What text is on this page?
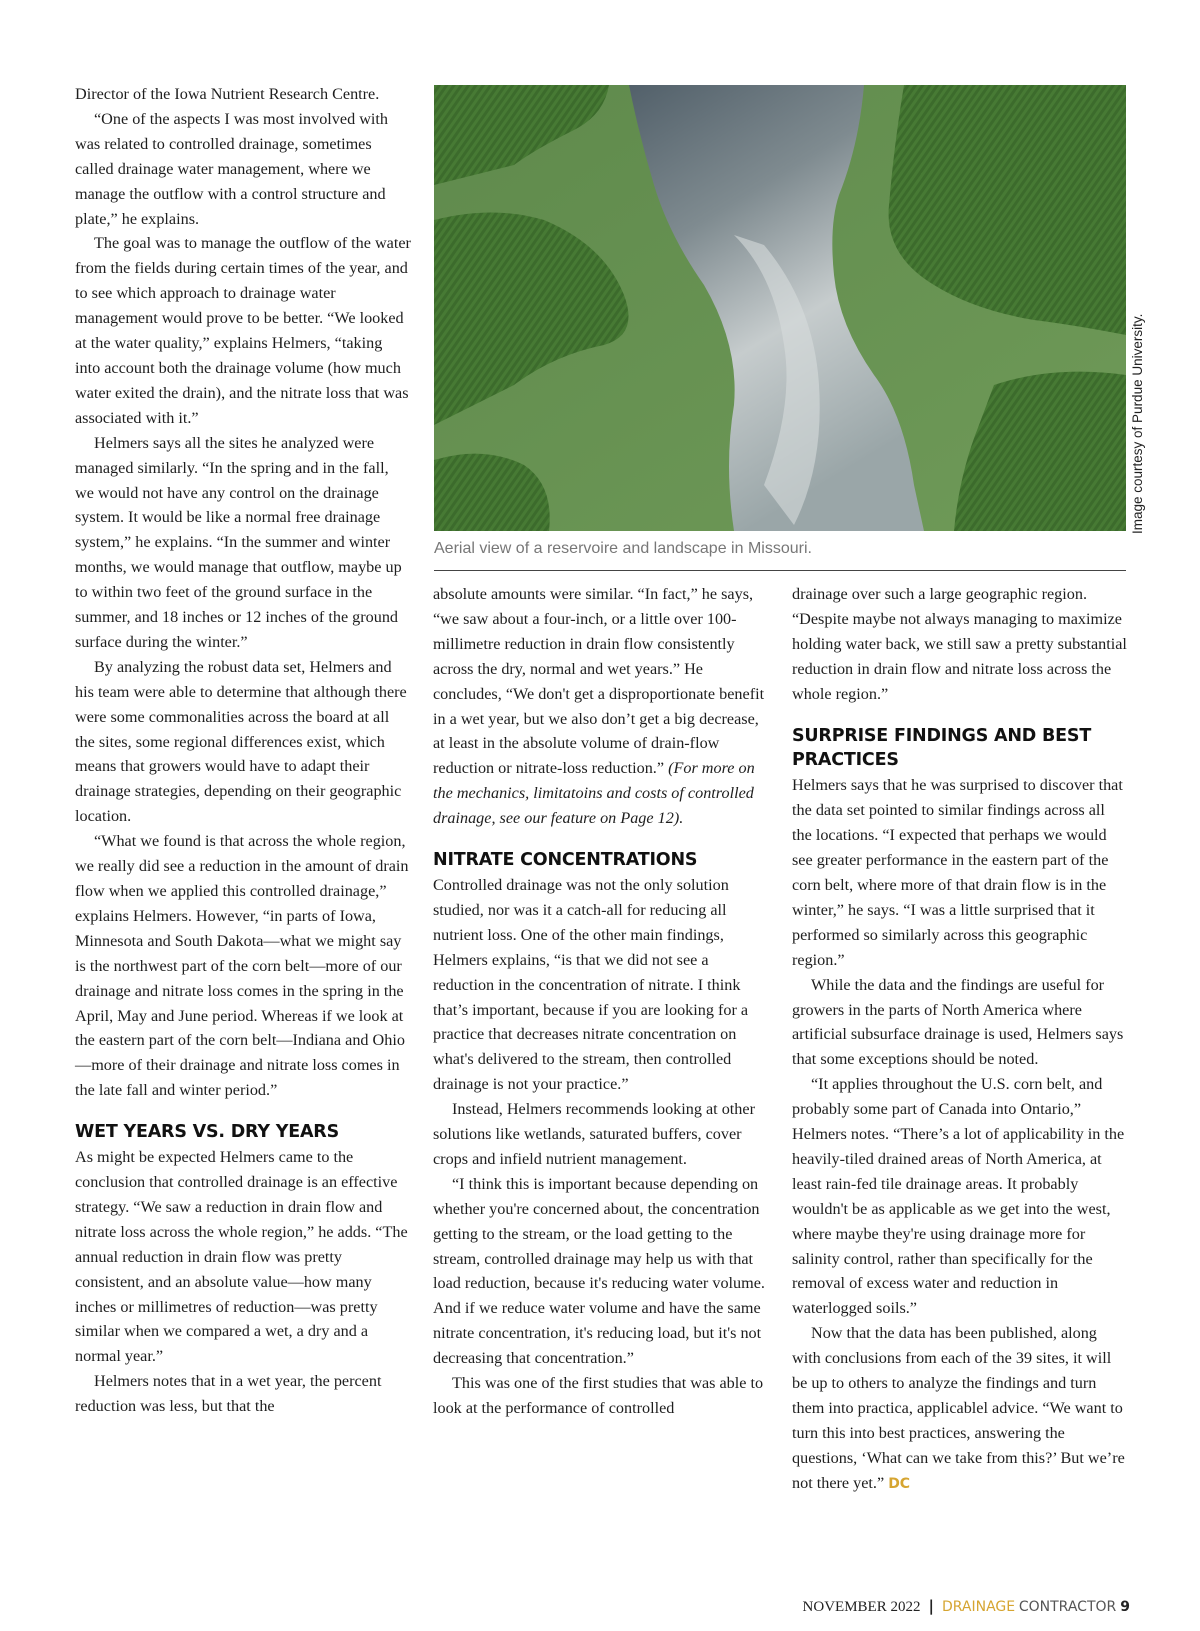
Director of the Iowa Nutrient Research Centre.

“One of the aspects I was most involved with was related to controlled drainage, sometimes called drainage water management, where we manage the outflow with a control structure and plate,” he explains.

The goal was to manage the outflow of the water from the fields during certain times of the year, and to see which approach to drainage water management would prove to be better. “We looked at the water quality,” explains Helmers, “taking into account both the drainage volume (how much water exited the drain), and the nitrate loss that was associated with it.”

Helmers says all the sites he analyzed were managed similarly. “In the spring and in the fall, we would not have any control on the drainage system. It would be like a normal free drainage system,” he explains. “In the summer and winter months, we would manage that outflow, maybe up to within two feet of the ground surface in the summer, and 18 inches or 12 inches of the ground surface during the winter.”

By analyzing the robust data set, Helmers and his team were able to determine that although there were some commonalities across the board at all the sites, some regional differences exist, which means that growers would have to adapt their drainage strategies, depending on their geographic location.

“What we found is that across the whole region, we really did see a reduction in the amount of drain flow when we applied this controlled drainage,” explains Helmers. However, “in parts of Iowa, Minnesota and South Dakota—what we might say is the northwest part of the corn belt—more of our drainage and nitrate loss comes in the spring in the April, May and June period. Whereas if we look at the eastern part of the corn belt—Indiana and Ohio—more of their drainage and nitrate loss comes in the late fall and winter period.”

WET YEARS VS. DRY YEARS

As might be expected Helmers came to the conclusion that controlled drainage is an effective strategy. “We saw a reduction in drain flow and nitrate loss across the whole region,” he adds. “The annual reduction in drain flow was pretty consistent, and an absolute value—how many inches or millimetres of reduction—was pretty similar when we compared a wet, a dry and a normal year.”

Helmers notes that in a wet year, the percent reduction was less, but that the

Image courtesy of Purdue University.
Aerial view of a reservoire and landscape in Missouri.

absolute amounts were similar. “In fact,” he says, “we saw about a four-inch, or a little over 100-millimetre reduction in drain flow consistently across the dry, normal and wet years.” He concludes, “We don't get a disproportionate benefit in a wet year, but we also don’t get a big decrease, at least in the absolute volume of drain-flow reduction or nitrate-loss reduction.” (For more on the mechanics, limitatoins and costs of controlled drainage, see our feature on Page 12).

NITRATE CONCENTRATIONS

Controlled drainage was not the only solution studied, nor was it a catch-all for reducing all nutrient loss. One of the other main findings, Helmers explains, “is that we did not see a reduction in the concentration of nitrate. I think that’s important, because if you are looking for a practice that decreases nitrate concentration on what's delivered to the stream, then controlled drainage is not your practice.”

Instead, Helmers recommends looking at other solutions like wetlands, saturated buffers, cover crops and infield nutrient management.

“I think this is important because depending on whether you're concerned about, the concentration getting to the stream, or the load getting to the stream, controlled drainage may help us with that load reduction, because it's reducing water volume. And if we reduce water volume and have the same nitrate concentration, it's reducing load, but it's not decreasing that concentration.”

This was one of the first studies that was able to look at the performance of controlled

drainage over such a large geographic region. “Despite maybe not always managing to maximize holding water back, we still saw a pretty substantial reduction in drain flow and nitrate loss across the whole region.”

SURPRISE FINDINGS AND BEST PRACTICES

Helmers says that he was surprised to discover that the data set pointed to similar findings across all the locations. “I expected that perhaps we would see greater performance in the eastern part of the corn belt, where more of that drain flow is in the winter,” he says. “I was a little surprised that it performed so similarly across this geographic region.”

While the data and the findings are useful for growers in the parts of North America where artificial subsurface drainage is used, Helmers says that some exceptions should be noted.

“It applies throughout the U.S. corn belt, and probably some part of Canada into Ontario,” Helmers notes. “There’s a lot of applicability in the heavily-tiled drained areas of North America, at least rain-fed tile drainage areas. It probably wouldn't be as applicable as we get into the west, where maybe they're using drainage more for salinity control, rather than specifically for the removal of excess water and reduction in waterlogged soils.”

Now that the data has been published, along with conclusions from each of the 39 sites, it will be up to others to analyze the findings and turn them into practica, applicablel advice. “We want to turn this into best practices, answering the questions, ‘What can we take from this?’ But we’re not there yet.” DC

NOVEMBER 2022 | DRAINAGE CONTRACTOR 9
